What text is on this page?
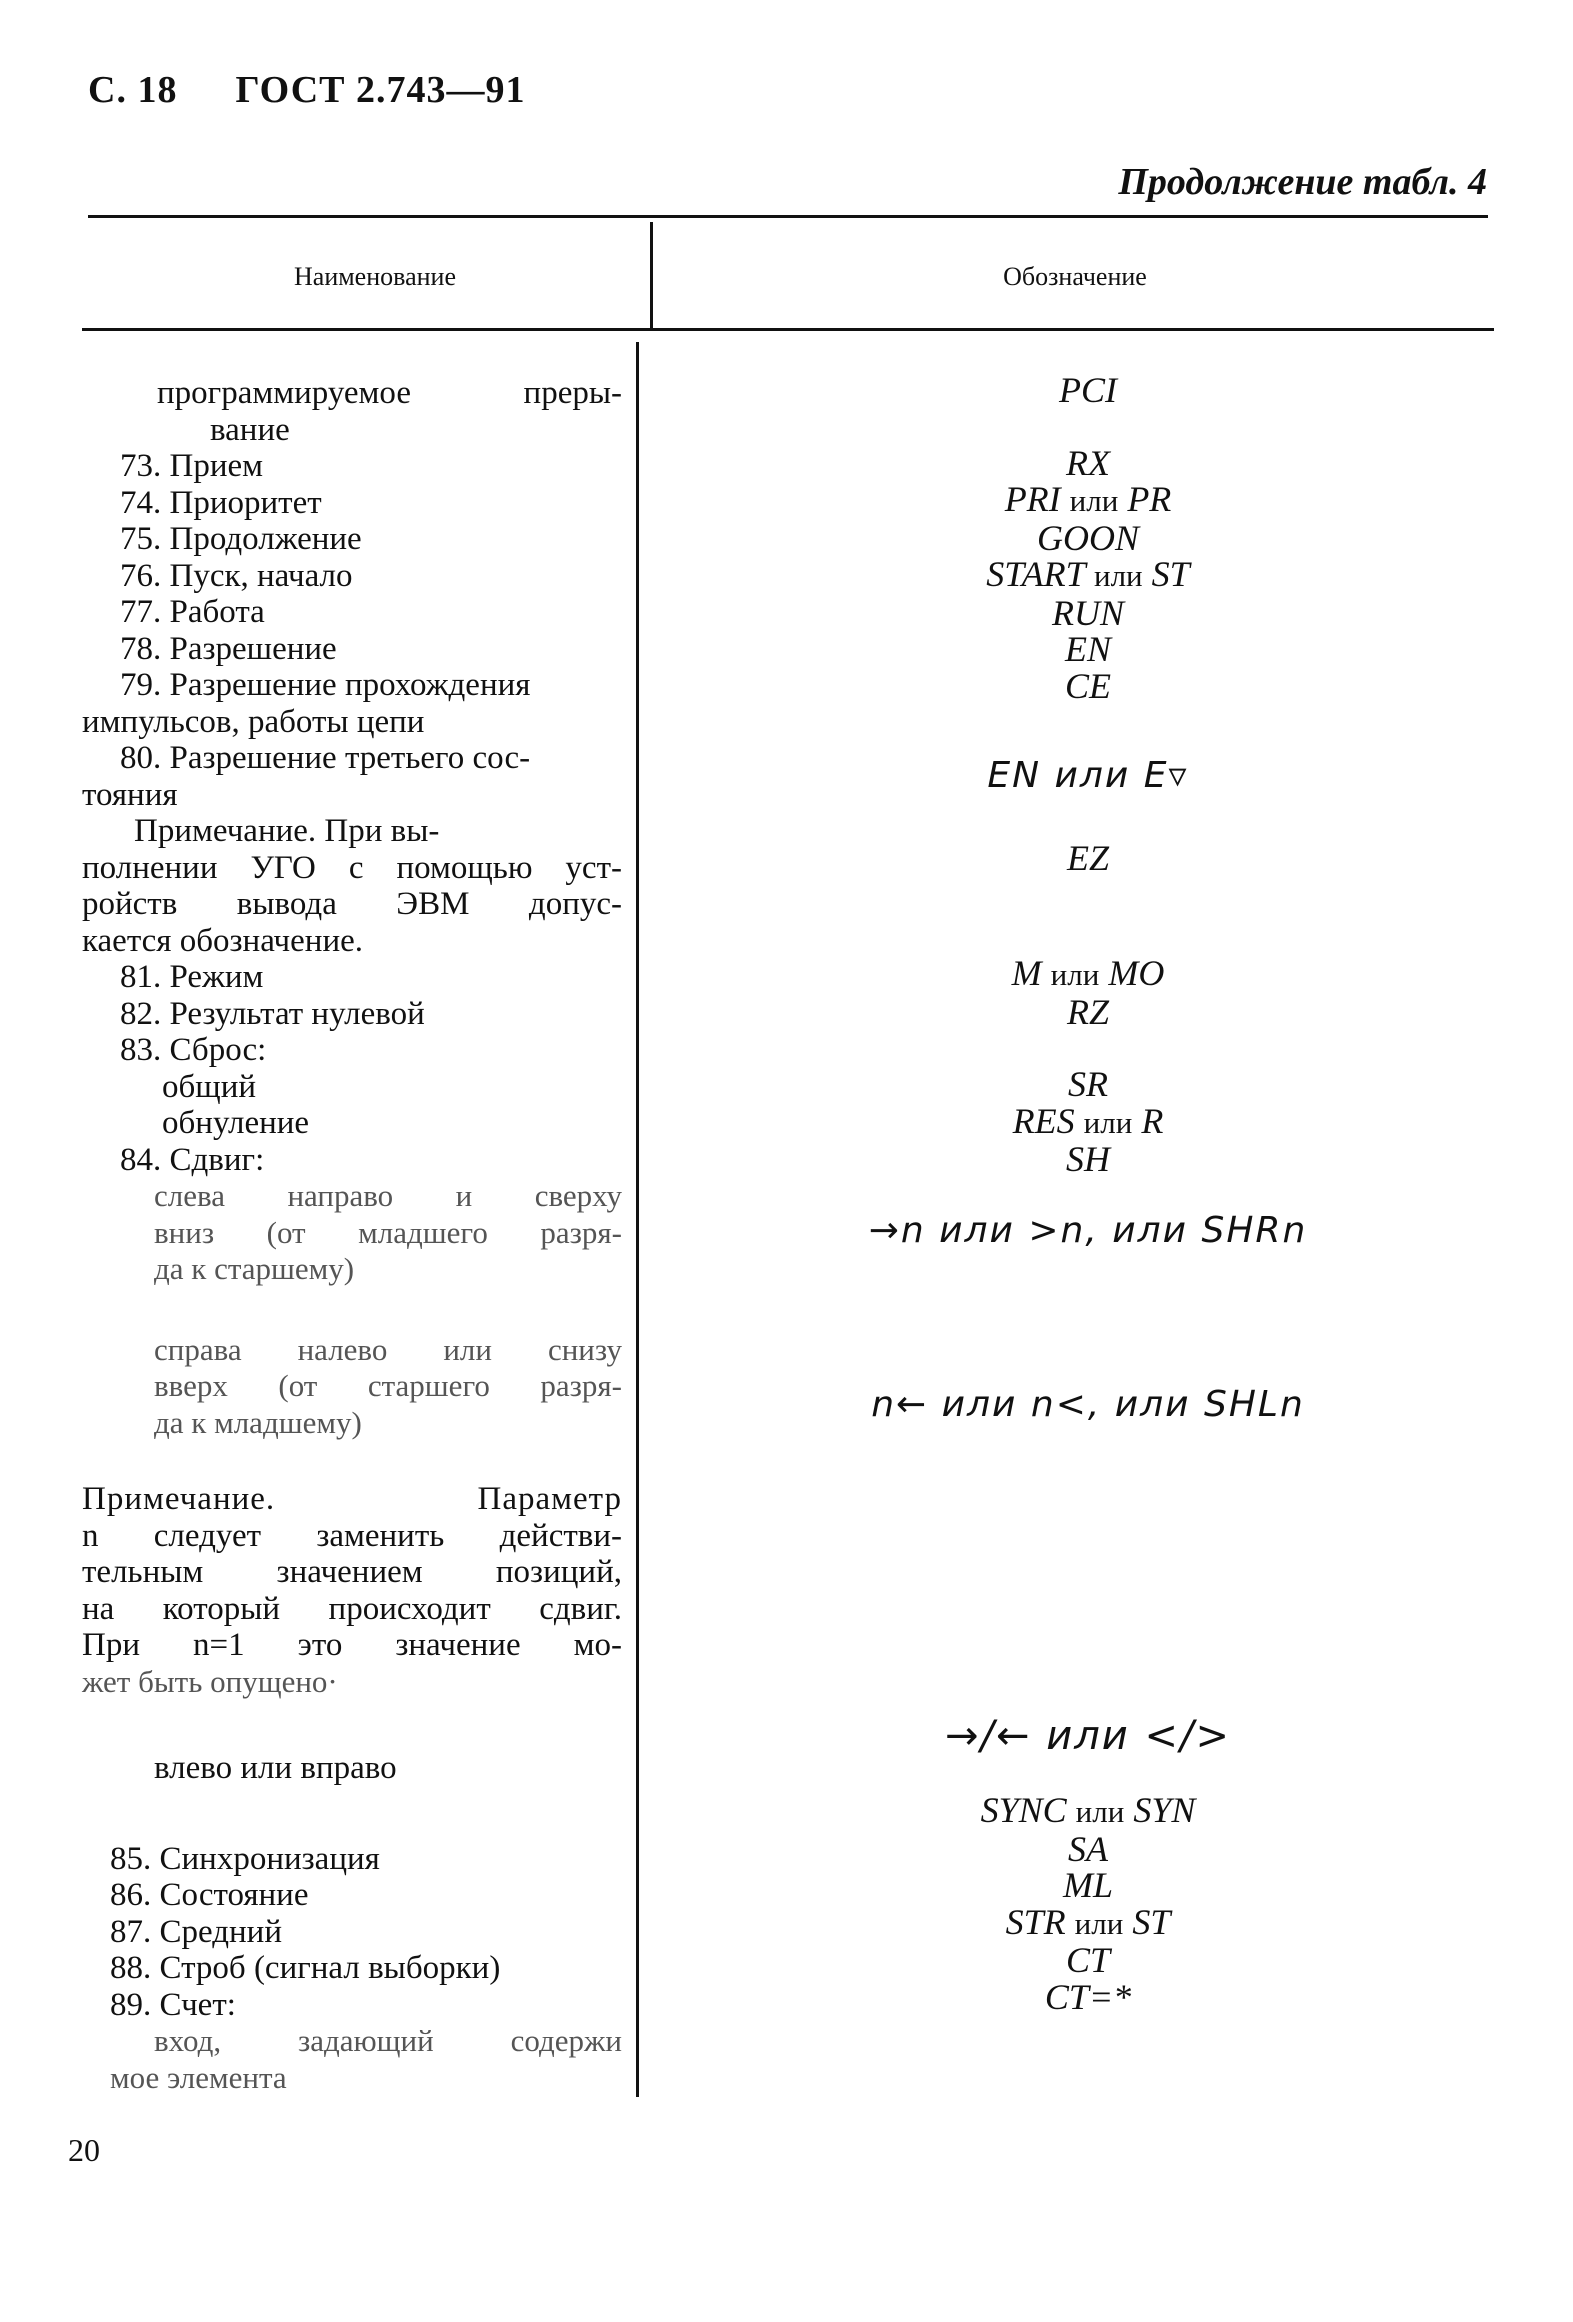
С. 18 ГОСТ 2.743—91
Продолжение табл. 4
Наименование	Обозначение

программируемое	преры-

вание

73. Прием

74. Приоритет

75. Продолжение

76. Пуск, начало

77. Работа

78. Разрешение

79. Разрешение прохождения

импульсов, работы цепи

80. Разрешение третьего сос-

тояния

Примечание. При вы-

полнении УГО с помощью уст-

ройств вывода ЭВМ допус-

кается обозначение.

81. Режим

82. Результат нулевой

83. Сброс:

общий

обнуление

84. Сдвиг:

слева направо и сверху

вниз (от младшего разря-

да к старшему)

справа налево или снизу

вверх (от старшего разря-

да к младшему)

Примечание. Параметр

n следует заменить действи-

тельным значением позиций,

на который происходит сдвиг.

При n=1 это значение мо-

жет быть опущено·

влево или вправо

85. Синхронизация

86. Состояние

87. Средний

88. Строб (сигнал выборки)

89. Счет:

вход, задающий содержи

мое элемента

PCI

RX

PRI или PR

GOON

START или ST

RUN

EN

CE

EN или E▿
EZ

M или MO

RZ

SR

RES или R

SH

→n или >n, или SHRn
n← или n<, или SHLn
→/← или </>

SYNC или SYN

SA

ML

STR или ST

CT

CT=*

20
